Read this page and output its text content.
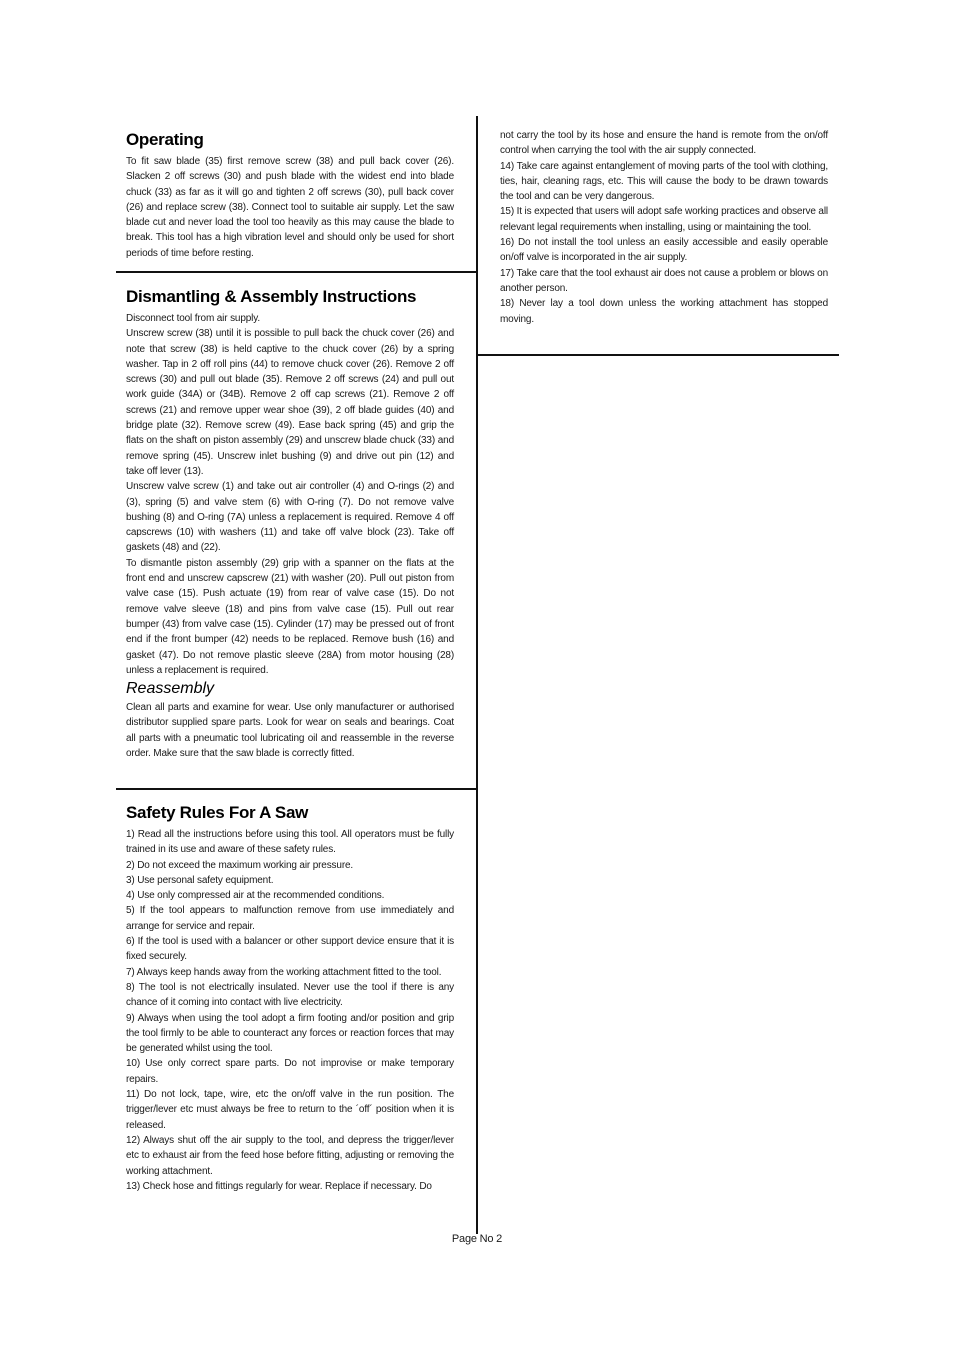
Operating

To fit saw blade (35) first remove screw (38) and pull back cover (26). Slacken 2 off screws (30) and push blade with the widest end into blade chuck (33) as far as it will go and tighten 2 off screws (30), pull back cover (26) and replace screw (38). Connect tool to suitable air supply. Let the saw blade cut and never load the tool too heavily as this may cause the blade to break. This tool has a high vibration level and should only be used for short periods of time before resting.

Dismantling & Assembly Instructions

Disconnect tool from air supply.

Unscrew screw (38) until it is possible to pull back the chuck cover (26) and note that screw (38) is held captive to the chuck cover (26) by a spring washer. Tap in 2 off roll pins (44) to remove chuck cover (26). Remove 2 off screws (30) and pull out blade (35). Remove 2 off screws (24) and pull out work guide (34A) or (34B). Remove 2 off cap screws (21). Remove 2 off screws (21) and remove upper wear shoe (39), 2 off blade guides (40) and bridge plate (32). Remove screw (49). Ease back spring (45) and grip the flats on the shaft on piston assembly (29) and unscrew blade chuck (33) and remove spring (45). Unscrew inlet bushing (9) and drive out pin (12) and take off lever (13).

Unscrew valve screw (1) and take out air controller (4) and O-rings (2) and (3), spring (5) and valve stem (6) with O-ring (7). Do not remove valve bushing (8) and O-ring (7A) unless a replacement is required. Remove 4 off capscrews (10) with washers (11) and take off valve block (23). Take off gaskets (48) and (22).

To dismantle piston assembly (29) grip with a spanner on the flats at the front end and unscrew capscrew (21) with washer (20). Pull out piston from valve case (15). Push actuate (19) from rear of valve case (15). Do not remove valve sleeve (18) and pins from valve case (15). Pull out rear bumper (43) from valve case (15). Cylinder (17) may be pressed out of front end if the front bumper (42) needs to be replaced. Remove bush (16) and gasket (47). Do not remove plastic sleeve (28A) from motor housing (28) unless a replacement is required.

Reassembly

Clean all parts and examine for wear. Use only manufacturer or authorised distributor supplied spare parts. Look for wear on seals and bearings. Coat all parts with a pneumatic tool lubricating oil and reassemble in the reverse order. Make sure that the saw blade is correctly fitted.

Safety Rules For A Saw

1) Read all the instructions before using this tool. All operators must be fully trained in its use and aware of these safety rules.

2) Do not exceed the maximum working air pressure.

3) Use personal safety equipment.

4) Use only compressed air at the recommended conditions.

5) If the tool appears to malfunction remove from use immediately and arrange for service and repair.

6) If the tool is used with a balancer or other support device ensure that it is fixed securely.

7) Always keep hands away from the working attachment fitted to the tool.

8) The tool is not electrically insulated. Never use the tool if there is any chance of it coming into contact with live electricity.

9) Always when using the tool adopt a firm footing and/or position and grip the tool firmly to be able to counteract any forces or reaction forces that may be generated whilst using the tool.

10) Use only correct spare parts. Do not improvise or make temporary repairs.

11) Do not lock, tape, wire, etc the on/off valve in the run position. The trigger/lever etc must always be free to return to the ´off´ position when it is released.

12) Always shut off the air supply to the tool, and depress the trigger/lever etc to exhaust air from the feed hose before fitting, adjusting or removing the working attachment.

13) Check hose and fittings regularly for wear. Replace if necessary. Do

not carry the tool by its hose and ensure the hand is remote from the on/off control when carrying the tool with the air supply connected.

14) Take care against entanglement of moving parts of the tool with clothing, ties, hair, cleaning rags, etc. This will cause the body to be drawn towards the tool and can be very dangerous.

15) It is expected that users will adopt safe working practices and observe all relevant legal requirements when installing, using or maintaining the tool.

16) Do not install the tool unless an easily accessible and easily operable on/off valve is incorporated in the air supply.

17) Take care that the tool exhaust air does not cause a problem or blows on another person.

18) Never lay a tool down unless the working attachment has stopped moving.

Page No 2
